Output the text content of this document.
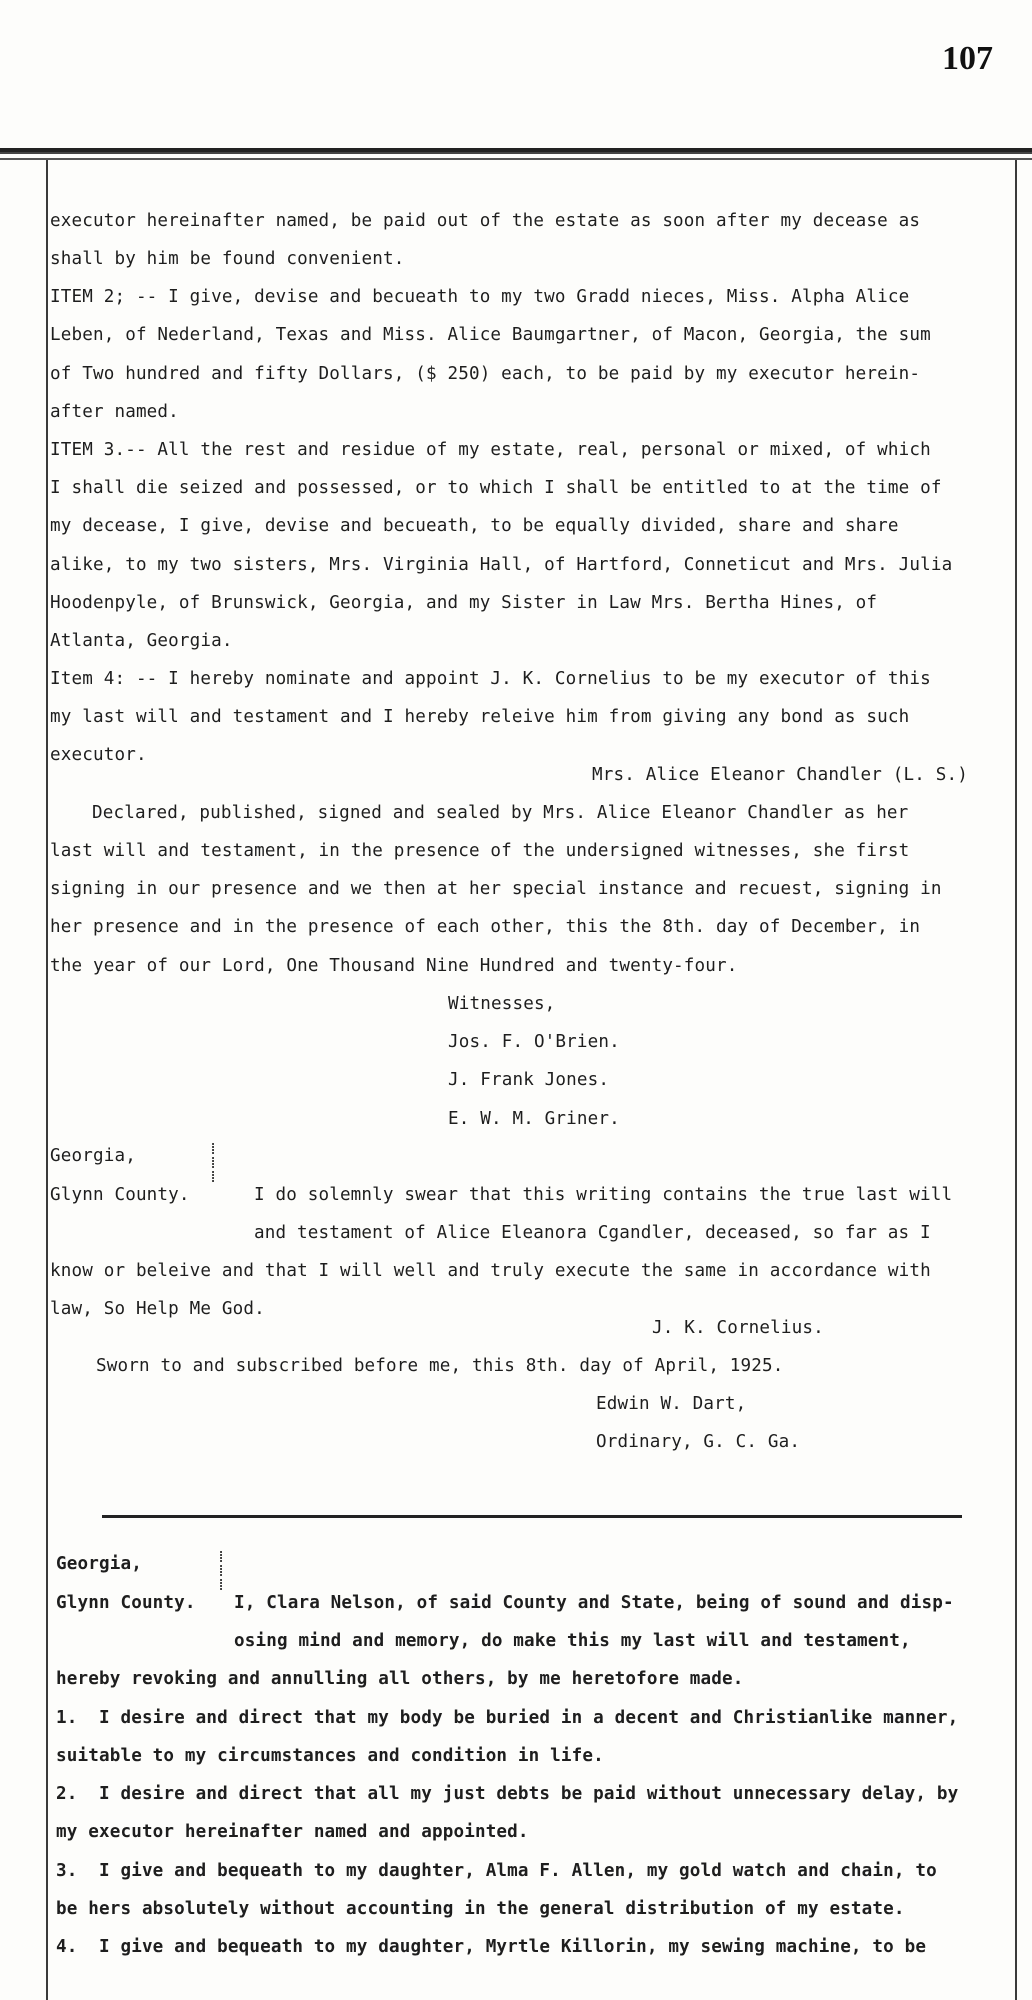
107
executor hereinafter named, be paid out of the estate as soon after my decease as
shall by him be found convenient.
ITEM 2; -- I give, devise and becueath to my two Gradd nieces, Miss. Alpha Alice
Leben, of Nederland, Texas and Miss. Alice Baumgartner, of Macon, Georgia, the sum
of Two hundred and fifty Dollars, ($ 250) each, to be paid by my executor herein-
after named.
ITEM 3.-- All the rest and residue of my estate, real, personal or mixed, of which
I shall die seized and possessed, or to which I shall be entitled to at the time of
my decease, I give, devise and becueath, to be equally divided, share and share
alike, to my two sisters, Mrs. Virginia Hall, of Hartford, Conneticut and Mrs. Julia
Hoodenpyle, of Brunswick, Georgia, and my Sister in Law Mrs. Bertha Hines, of
Atlanta, Georgia.
Item 4: -- I hereby nominate and appoint J. K. Cornelius to be my executor of this
my last will and testament and I hereby releive him from giving any bond as such
executor.
Mrs. Alice Eleanor Chandler (L. S.)
Declared, published, signed and sealed by Mrs. Alice Eleanor Chandler as her
last will and testament, in the presence of the undersigned witnesses, she first
signing in our presence and we then at her special instance and recuest, signing in
her presence and in the presence of each other, this the 8th. day of December, in
the year of our Lord, One Thousand Nine Hundred and twenty-four.
Witnesses,
Jos. F. O'Brien.
J. Frank Jones.
E. W. M. Griner.
Georgia,	⁞
⁞
⁞
Glynn County.	I do solemnly swear that this writing contains the true last will
and testament of Alice Eleanora Cgandler, deceased, so far as I
know or beleive and that I will well and truly execute the same in accordance with
law, So Help Me God.
J. K. Cornelius.
Sworn to and subscribed before me, this 8th. day of April, 1925.
Edwin W. Dart,
Ordinary, G. C. Ga.
Georgia,	⁞
⁞
⁞
Glynn County. I, Clara Nelson, of said County and State, being of sound and disp-
osing mind and memory, do make this my last will and testament,
hereby revoking and annulling all others, by me heretofore made.
1.  I desire and direct that my body be buried in a decent and Christianlike manner,
suitable to my circumstances and condition in life.
2.  I desire and direct that all my just debts be paid without unnecessary delay, by
my executor hereinafter named and appointed.
3.  I give and bequeath to my daughter, Alma F. Allen, my gold watch and chain, to
be hers absolutely without accounting in the general distribution of my estate.
4.  I give and bequeath to my daughter, Myrtle Killorin, my sewing machine, to be
